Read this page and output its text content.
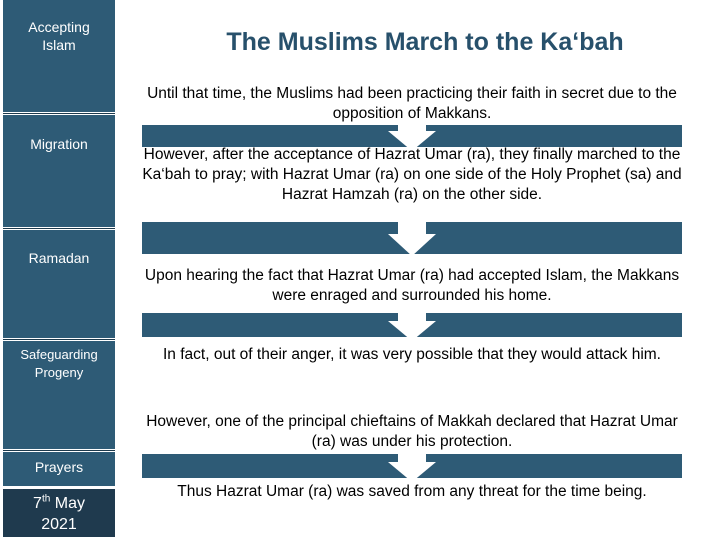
Accepting
Islam
Migration
Ramadan
Safeguarding
Progeny
Prayers
7th May
2021
The Muslims March to the Ka‘bah
Until that time, the Muslims had been practicing their faith in secret due to the opposition of Makkans.
However, after the acceptance of Hazrat Umar (ra), they finally marched to the Ka‘bah to pray; with Hazrat Umar (ra) on one side of the Holy Prophet (sa) and Hazrat Hamzah (ra) on the other side.
Upon hearing the fact that Hazrat Umar (ra) had accepted Islam, the Makkans were enraged and surrounded his home.
In fact, out of their anger, it was very possible that they would attack him.
However, one of the principal chieftains of Makkah declared that Hazrat Umar (ra) was under his protection.
Thus Hazrat Umar (ra) was saved from any threat for the time being.
